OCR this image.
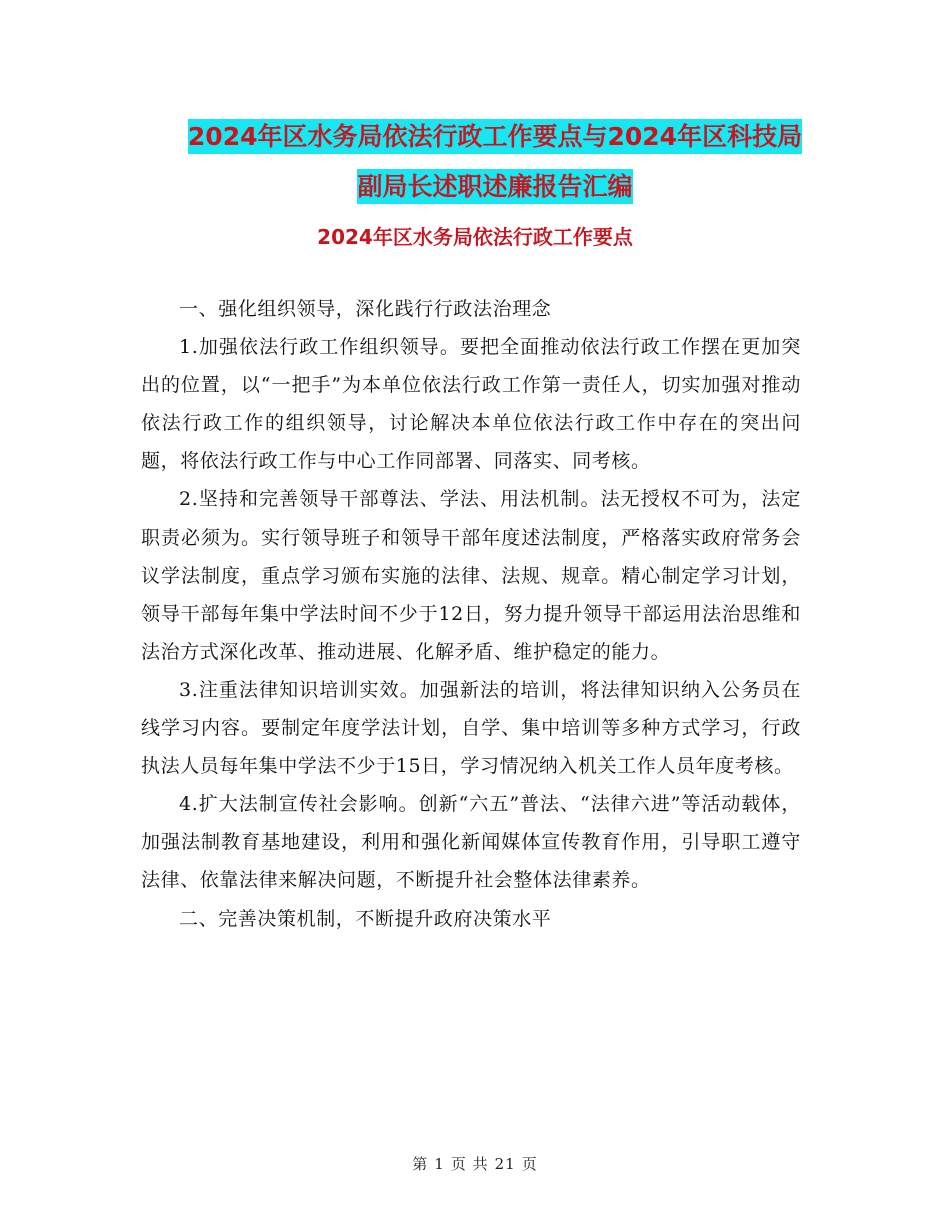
2024年区水务局依法行政工作要点与2024年区科技局
副局长述职述廉报告汇编
2024年区水务局依法行政工作要点

一、强化组织领导，深化践行行政法治理念

1.加强依法行政工作组织领导。要把全面推动依法行政工作摆在更加突出的位置，以“一把手”为本单位依法行政工作第一责任人，切实加强对推动依法行政工作的组织领导，讨论解决本单位依法行政工作中存在的突出问题，将依法行政工作与中心工作同部署、同落实、同考核。

2.坚持和完善领导干部尊法、学法、用法机制。法无授权不可为，法定职责必须为。实行领导班子和领导干部年度述法制度，严格落实政府常务会议学法制度，重点学习颁布实施的法律、法规、规章。精心制定学习计划，领导干部每年集中学法时间不少于12日，努力提升领导干部运用法治思维和法治方式深化改革、推动进展、化解矛盾、维护稳定的能力。

3.注重法律知识培训实效。加强新法的培训，将法律知识纳入公务员在线学习内容。要制定年度学法计划，自学、集中培训等多种方式学习，行政执法人员每年集中学法不少于15日，学习情况纳入机关工作人员年度考核。

4.扩大法制宣传社会影响。创新“六五”普法、“法律六进”等活动载体，加强法制教育基地建设，利用和强化新闻媒体宣传教育作用，引导职工遵守法律、依靠法律来解决问题，不断提升社会整体法律素养。

二、完善决策机制，不断提升政府决策水平

第 1 页 共 21 页
